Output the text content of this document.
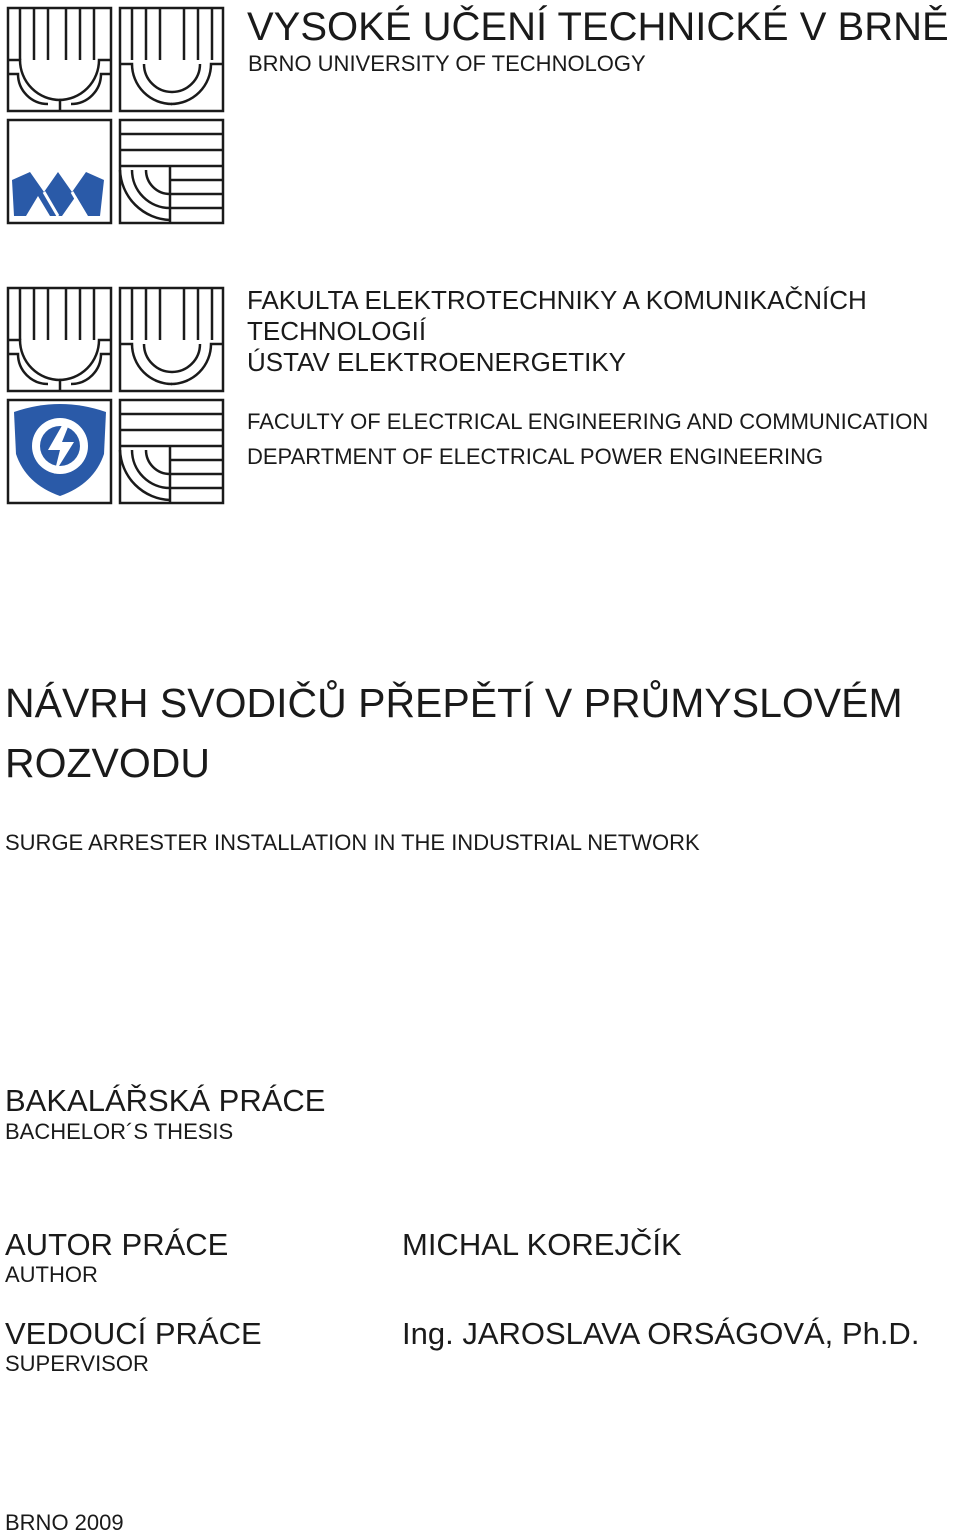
VYSOKÉ UČENÍ TECHNICKÉ V BRNĚ
BRNO UNIVERSITY OF TECHNOLOGY
FAKULTA ELEKTROTECHNIKY A KOMUNIKAČNÍCH
TECHNOLOGIÍ
ÚSTAV ELEKTROENERGETIKY
FACULTY OF ELECTRICAL ENGINEERING AND COMMUNICATION
DEPARTMENT OF ELECTRICAL POWER ENGINEERING
NÁVRH SVODIČŮ PŘEPĚTÍ V PRŮMYSLOVÉM
ROZVODU
SURGE ARRESTER INSTALLATION IN THE INDUSTRIAL NETWORK
BAKALÁŘSKÁ PRÁCE
BACHELOR´S THESIS
AUTOR PRÁCE
AUTHOR
MICHAL KOREJČÍK
VEDOUCÍ PRÁCE
SUPERVISOR
Ing. JAROSLAVA ORSÁGOVÁ, Ph.D.
BRNO 2009
